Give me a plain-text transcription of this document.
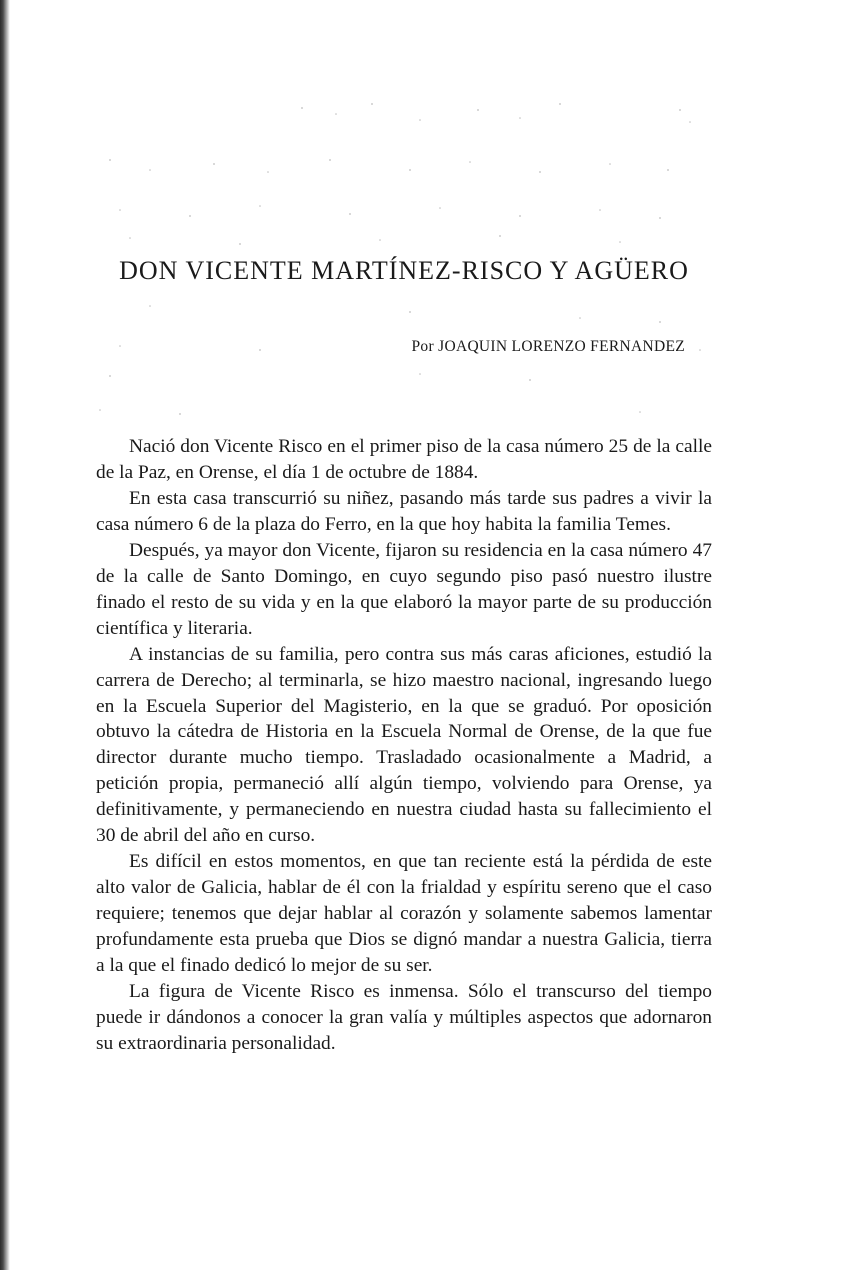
DON VICENTE MARTÍNEZ-RISCO Y AGÜERO
Por JOAQUIN LORENZO FERNANDEZ

Nació don Vicente Risco en el primer piso de la casa número 25 de la calle de la Paz, en Orense, el día 1 de octubre de 1884.

En esta casa transcurrió su niñez, pasando más tarde sus padres a vivir la casa número 6 de la plaza do Ferro, en la que hoy habita la familia Temes.

Después, ya mayor don Vicente, fijaron su residencia en la casa número 47 de la calle de Santo Domingo, en cuyo segundo piso pasó nuestro ilustre finado el resto de su vida y en la que elaboró la mayor parte de su producción científica y literaria.

A instancias de su familia, pero contra sus más caras aficiones, estudió la carrera de Derecho; al terminarla, se hizo maestro nacional, ingresando luego en la Escuela Superior del Magisterio, en la que se graduó. Por oposición obtuvo la cátedra de Historia en la Escuela Normal de Orense, de la que fue director durante mucho tiempo. Trasladado ocasionalmente a Madrid, a petición propia, permaneció allí algún tiempo, volviendo para Orense, ya definitivamente, y permaneciendo en nuestra ciudad hasta su fallecimiento el 30 de abril del año en curso.

Es difícil en estos momentos, en que tan reciente está la pérdida de este alto valor de Galicia, hablar de él con la frialdad y espíritu sereno que el caso requiere; tenemos que dejar hablar al corazón y solamente sabemos lamentar profundamente esta prueba que Dios se dignó mandar a nuestra Galicia, tierra a la que el finado dedicó lo mejor de su ser.

La figura de Vicente Risco es inmensa. Sólo el transcurso del tiempo puede ir dándonos a conocer la gran valía y múltiples aspectos que adornaron su extraordinaria personalidad.
